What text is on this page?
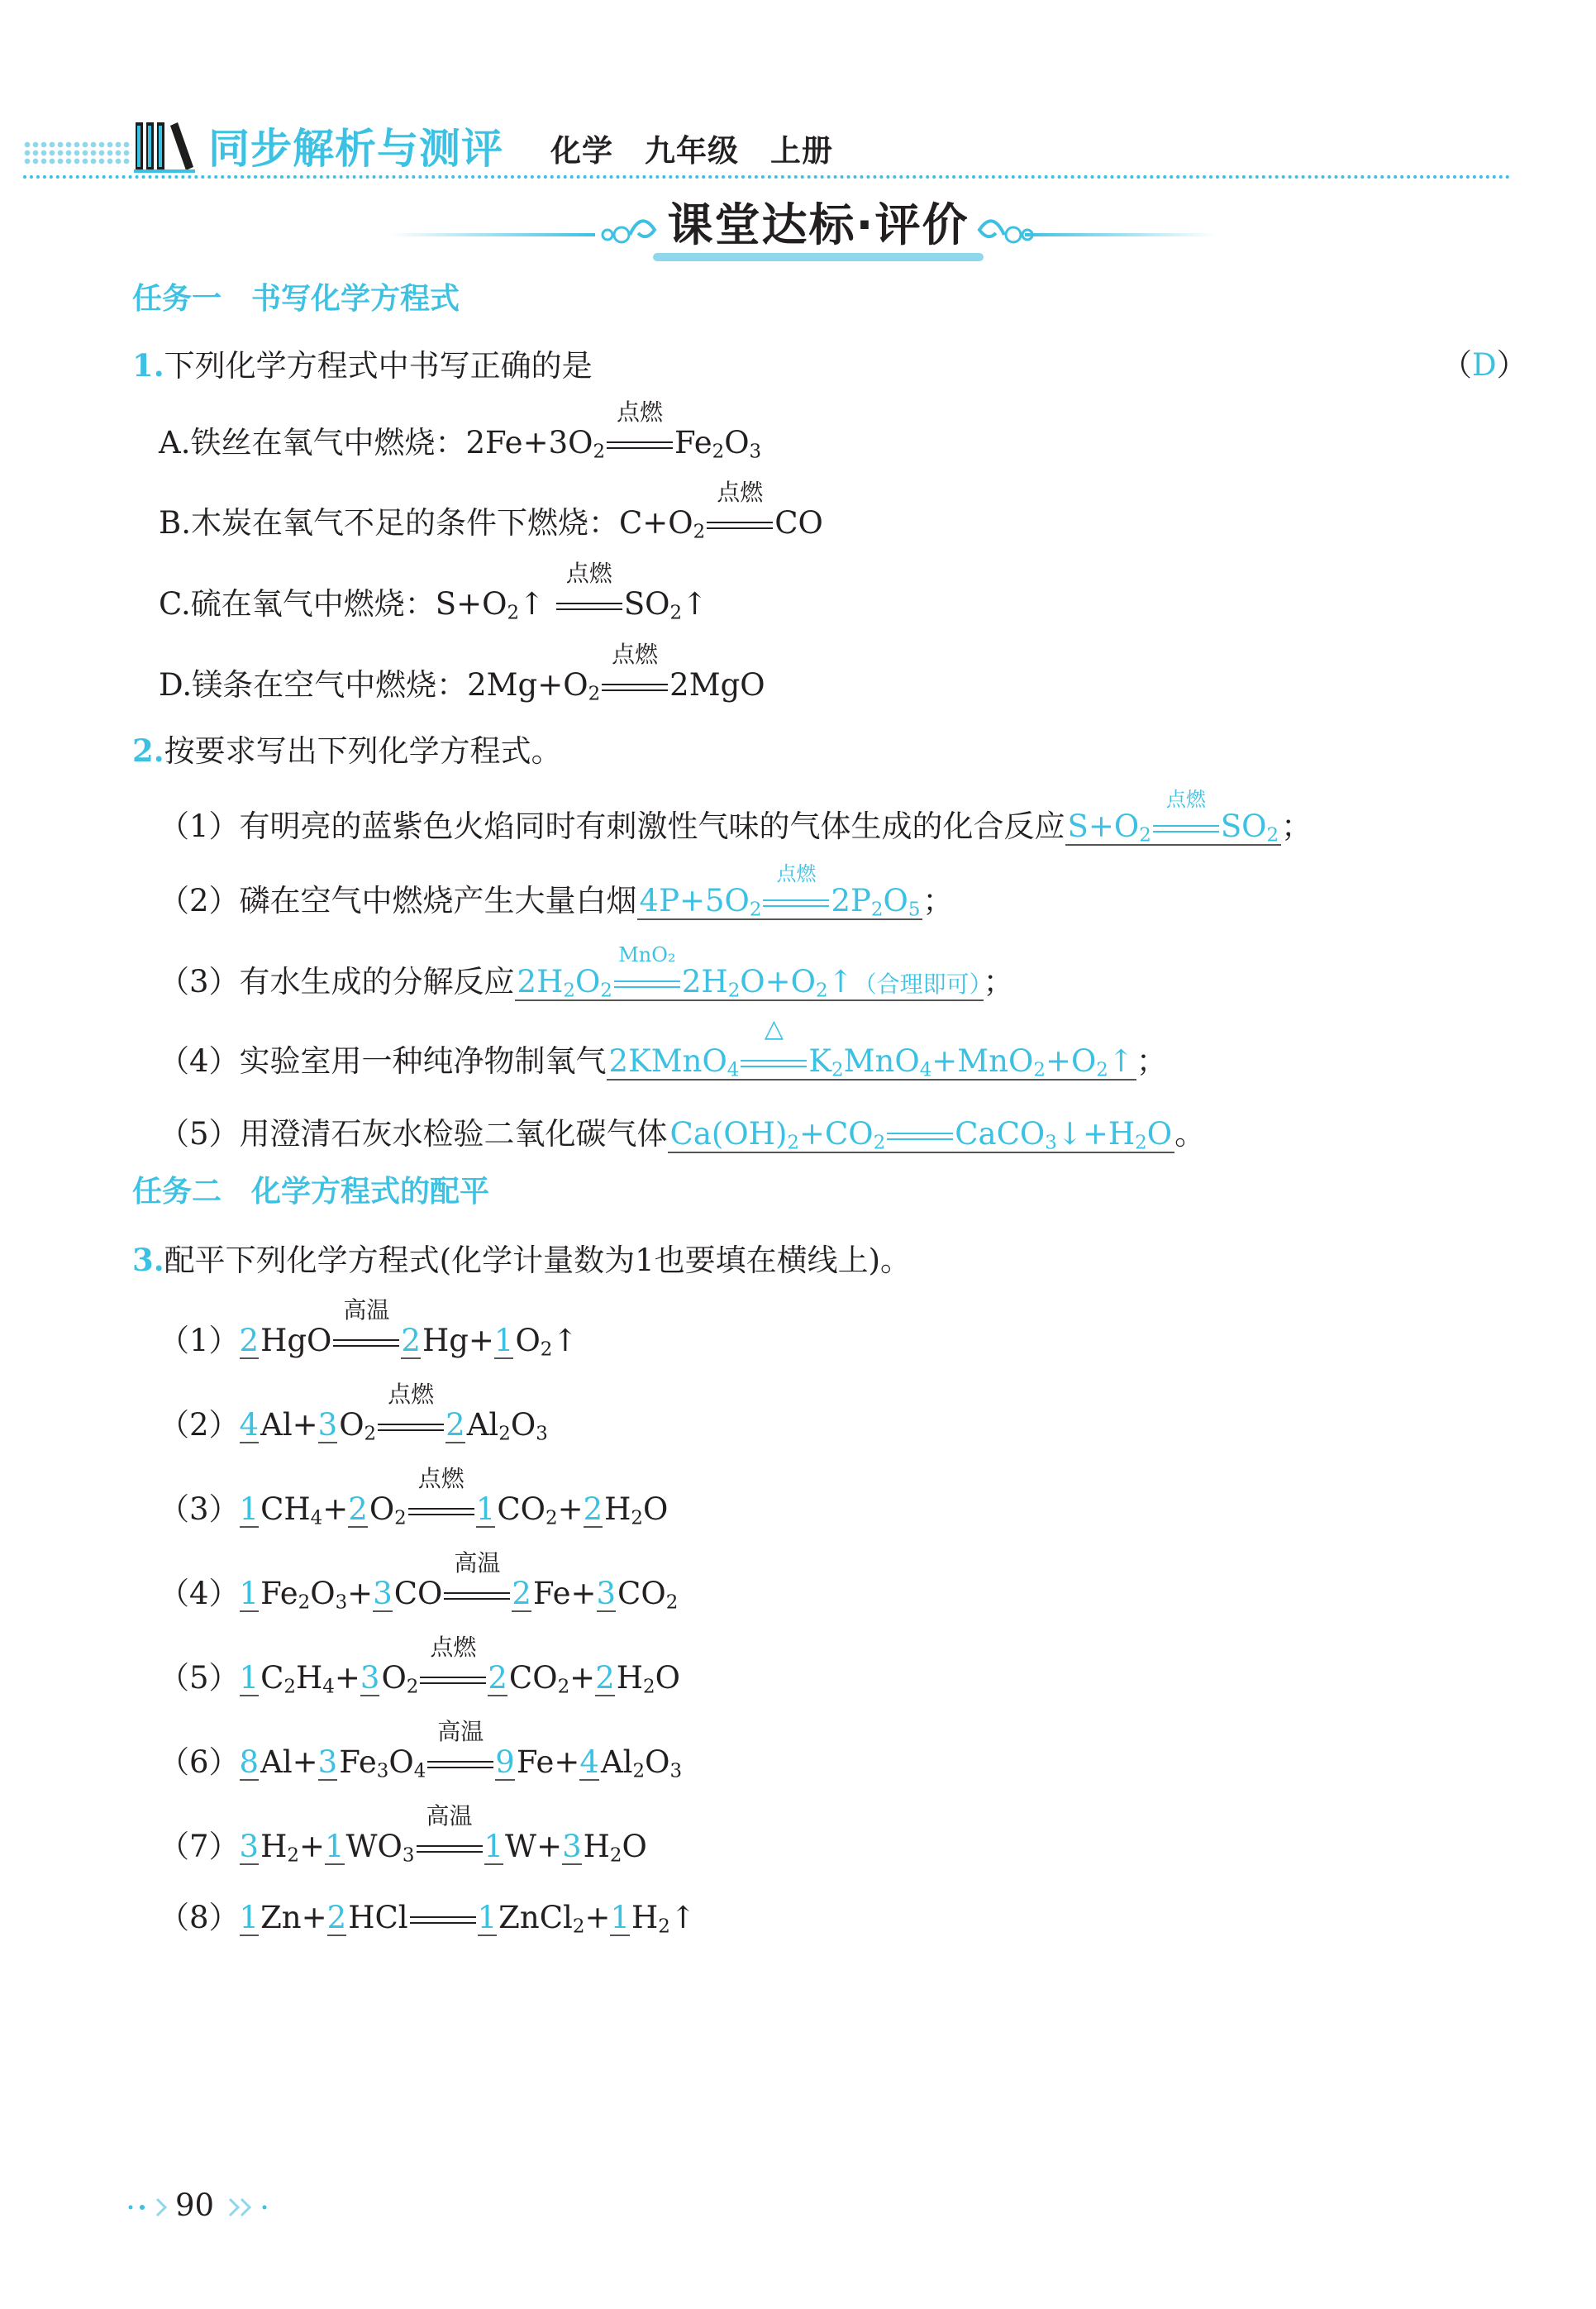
同步解析与测评 化学　九年级　上册
课堂达标·评价
任务一　书写化学方程式
1.下列化学方程式中书写正确的是	（D）
A.铁丝在氧气中燃烧：$2Fe+3O_2$
点燃
$Fe_2O_3$
B.木炭在氧气不足的条件下燃烧：$C+O_2$
点燃
CO
C.硫在氧气中燃烧：$S+O_2↑$
点燃
$SO_2↑$
D.镁条在空气中燃烧：$2Mg+O_2$
点燃
2MgO
2.按要求写出下列化学方程式。
（1）有明亮的蓝紫色火焰同时有刺激性气味的气体生成的化合反应$S+O_2$
点燃
$SO_2$；
（2）磷在空气中燃烧产生大量白烟$4P+5O_2$
点燃
$2P_2O_5$；
（3）有水生成的分解反应$2H_2O_2$
MnO₂
$2H_2O+O_2↑$（合理即可）；
（4）实验室用一种纯净物制氧气2KMnO$_4$
△
$K_2MnO_4+MnO_2+O_2↑$；
（5）用澄清石灰水检验二氧化碳气体$Ca(OH)_2+CO_2$ $CaCO_3↓+H_2O$。
任务二　化学方程式的配平
3.配平下列化学方程式(化学计量数为1也要填在横线上)。
（1）2HgO
高温
$2Hg+1O_2↑$
$(2)4Al+3O_2$
点燃
$2Al_2O_3$
$(3)1CH_4+2O_2$
点燃
$1CO_2+2H_2O$
$(4)1Fe_2O_3+3CO$
高温
$2Fe+3CO_2$
$(5)1C_2H_4+3O_2$
点燃
$2CO_2+2H_2O$
$(6)8Al+3Fe_3O_4$
高温
$9Fe+4Al_2O_3$
$(7)3H_2+1WO_3$
高温
$1W+3H_2O$
（8）1Zn+2HCl $1ZnCl_2+1H_2↑$
90
